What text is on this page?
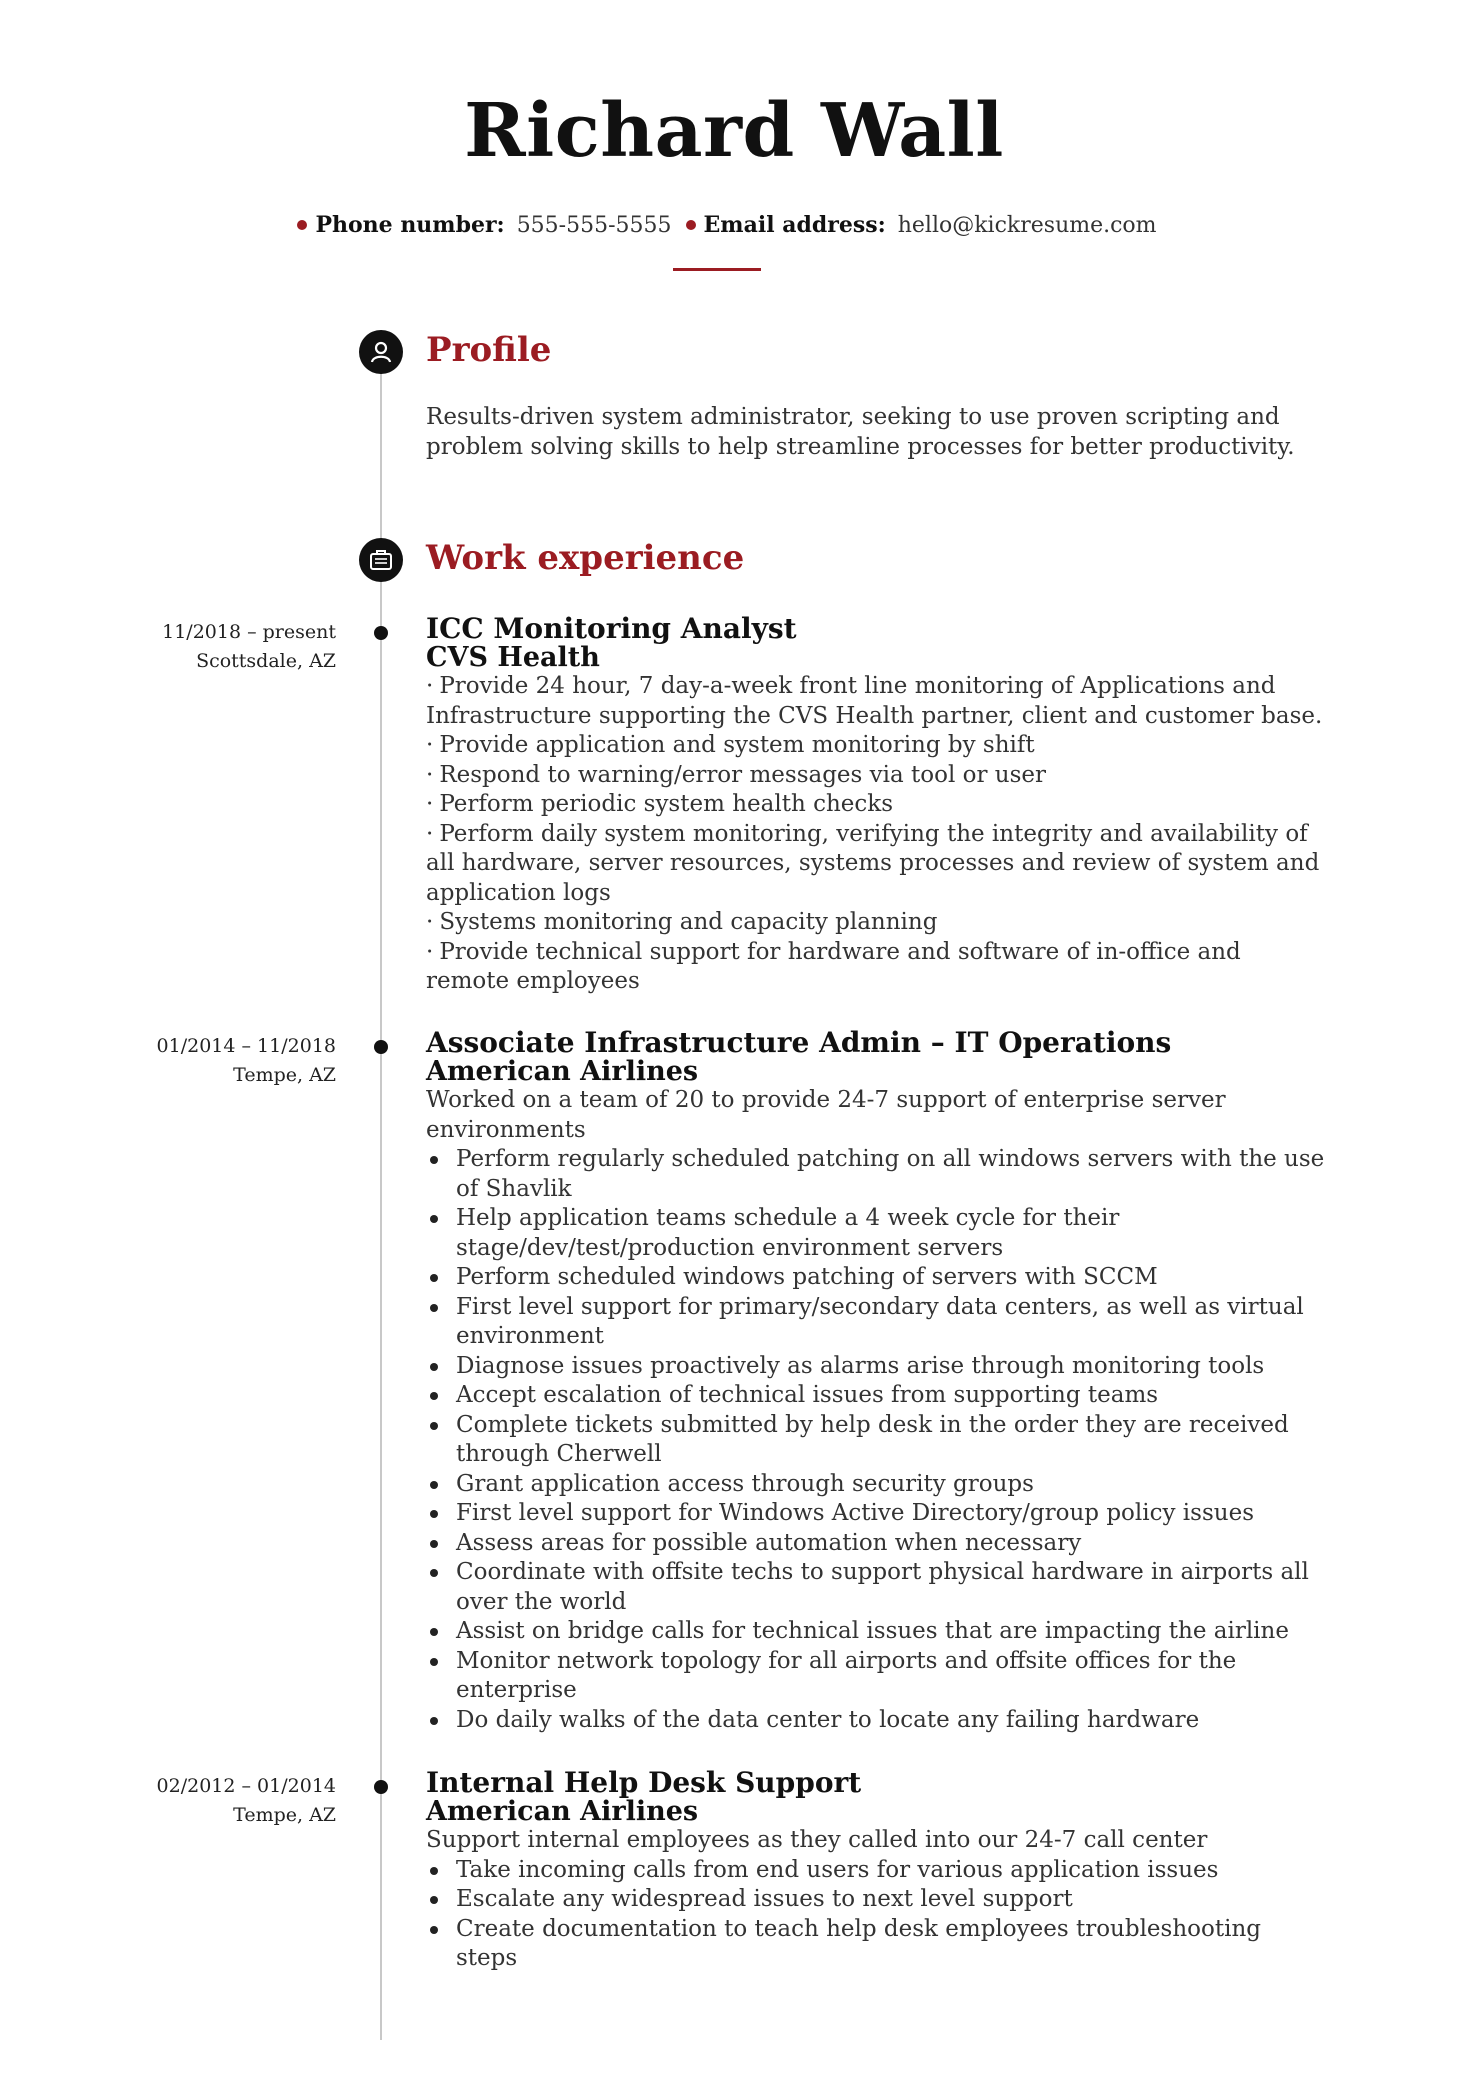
Richard Wall
Phone number: 555-555-5555 Email address: hello@kickresume.com
Profile
Results-driven system administrator, seeking to use proven scripting and problem solving skills to help streamline processes for better productivity.
Work experience
11/2018 – present
Scottsdale, AZ
ICC Monitoring Analyst
CVS Health
· Provide 24 hour, 7 day-a-week front line monitoring of Applications and Infrastructure supporting the CVS Health partner, client and customer base.
· Provide application and system monitoring by shift
· Respond to warning/error messages via tool or user
· Perform periodic system health checks
· Perform daily system monitoring, verifying the integrity and availability of all hardware, server resources, systems processes and review of system and application logs
· Systems monitoring and capacity planning
· Provide technical support for hardware and software of in-office and remote employees
01/2014 – 11/2018
Tempe, AZ
Associate Infrastructure Admin – IT Operations
American Airlines
Worked on a team of 20 to provide 24-7 support of enterprise server environments
Perform regularly scheduled patching on all windows servers with the use of Shavlik
Help application teams schedule a 4 week cycle for their stage/dev/test/production environment servers
Perform scheduled windows patching of servers with SCCM
First level support for primary/secondary data centers, as well as virtual environment
Diagnose issues proactively as alarms arise through monitoring tools
Accept escalation of technical issues from supporting teams
Complete tickets submitted by help desk in the order they are received through Cherwell
Grant application access through security groups
First level support for Windows Active Directory/group policy issues
Assess areas for possible automation when necessary
Coordinate with offsite techs to support physical hardware in airports all over the world
Assist on bridge calls for technical issues that are impacting the airline
Monitor network topology for all airports and offsite offices for the enterprise
Do daily walks of the data center to locate any failing hardware
02/2012 – 01/2014
Tempe, AZ
Internal Help Desk Support
American Airlines
Support internal employees as they called into our 24-7 call center
Take incoming calls from end users for various application issues
Escalate any widespread issues to next level support
Create documentation to teach help desk employees troubleshooting steps
